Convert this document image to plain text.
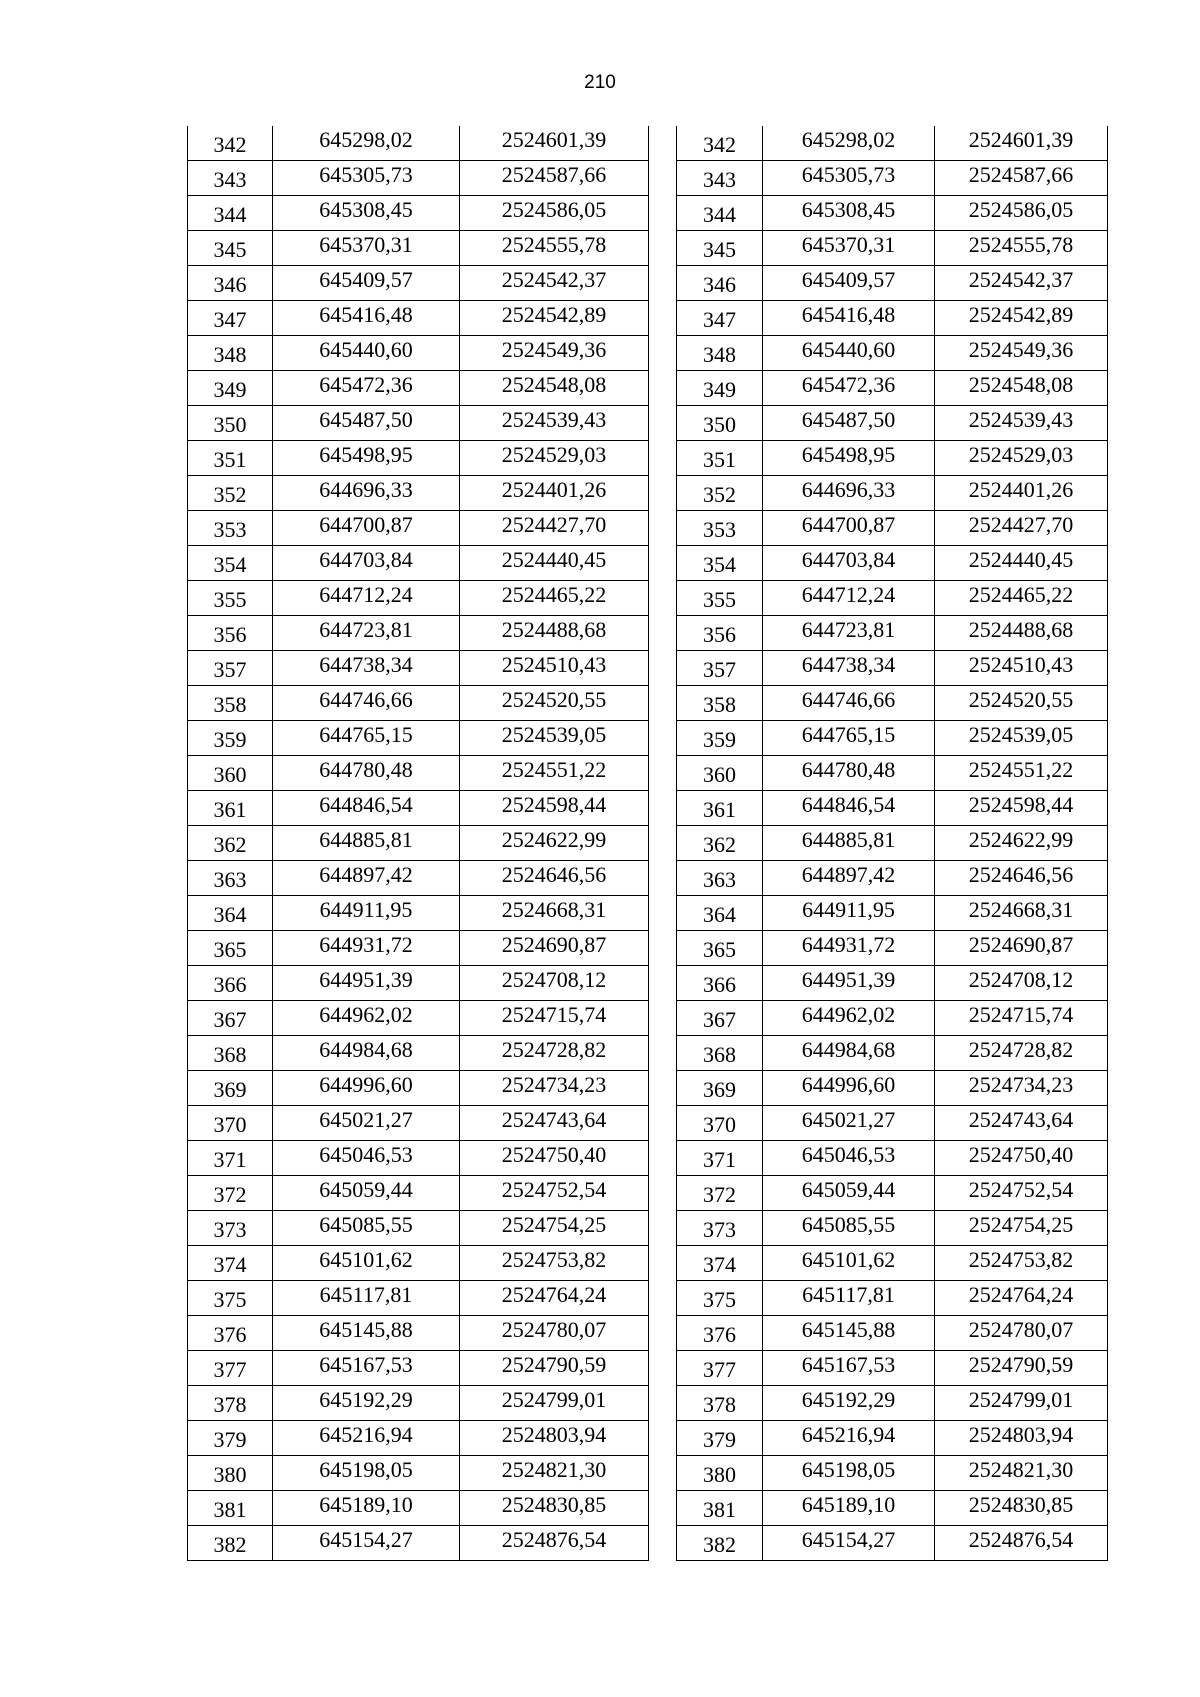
210
342	645298,02	2524601,39
343	645305,73	2524587,66
344	645308,45	2524586,05
345	645370,31	2524555,78
346	645409,57	2524542,37
347	645416,48	2524542,89
348	645440,60	2524549,36
349	645472,36	2524548,08
350	645487,50	2524539,43
351	645498,95	2524529,03
352	644696,33	2524401,26
353	644700,87	2524427,70
354	644703,84	2524440,45
355	644712,24	2524465,22
356	644723,81	2524488,68
357	644738,34	2524510,43
358	644746,66	2524520,55
359	644765,15	2524539,05
360	644780,48	2524551,22
361	644846,54	2524598,44
362	644885,81	2524622,99
363	644897,42	2524646,56
364	644911,95	2524668,31
365	644931,72	2524690,87
366	644951,39	2524708,12
367	644962,02	2524715,74
368	644984,68	2524728,82
369	644996,60	2524734,23
370	645021,27	2524743,64
371	645046,53	2524750,40
372	645059,44	2524752,54
373	645085,55	2524754,25
374	645101,62	2524753,82
375	645117,81	2524764,24
376	645145,88	2524780,07
377	645167,53	2524790,59
378	645192,29	2524799,01
379	645216,94	2524803,94
380	645198,05	2524821,30
381	645189,10	2524830,85
382	645154,27	2524876,54
342	645298,02	2524601,39
343	645305,73	2524587,66
344	645308,45	2524586,05
345	645370,31	2524555,78
346	645409,57	2524542,37
347	645416,48	2524542,89
348	645440,60	2524549,36
349	645472,36	2524548,08
350	645487,50	2524539,43
351	645498,95	2524529,03
352	644696,33	2524401,26
353	644700,87	2524427,70
354	644703,84	2524440,45
355	644712,24	2524465,22
356	644723,81	2524488,68
357	644738,34	2524510,43
358	644746,66	2524520,55
359	644765,15	2524539,05
360	644780,48	2524551,22
361	644846,54	2524598,44
362	644885,81	2524622,99
363	644897,42	2524646,56
364	644911,95	2524668,31
365	644931,72	2524690,87
366	644951,39	2524708,12
367	644962,02	2524715,74
368	644984,68	2524728,82
369	644996,60	2524734,23
370	645021,27	2524743,64
371	645046,53	2524750,40
372	645059,44	2524752,54
373	645085,55	2524754,25
374	645101,62	2524753,82
375	645117,81	2524764,24
376	645145,88	2524780,07
377	645167,53	2524790,59
378	645192,29	2524799,01
379	645216,94	2524803,94
380	645198,05	2524821,30
381	645189,10	2524830,85
382	645154,27	2524876,54
